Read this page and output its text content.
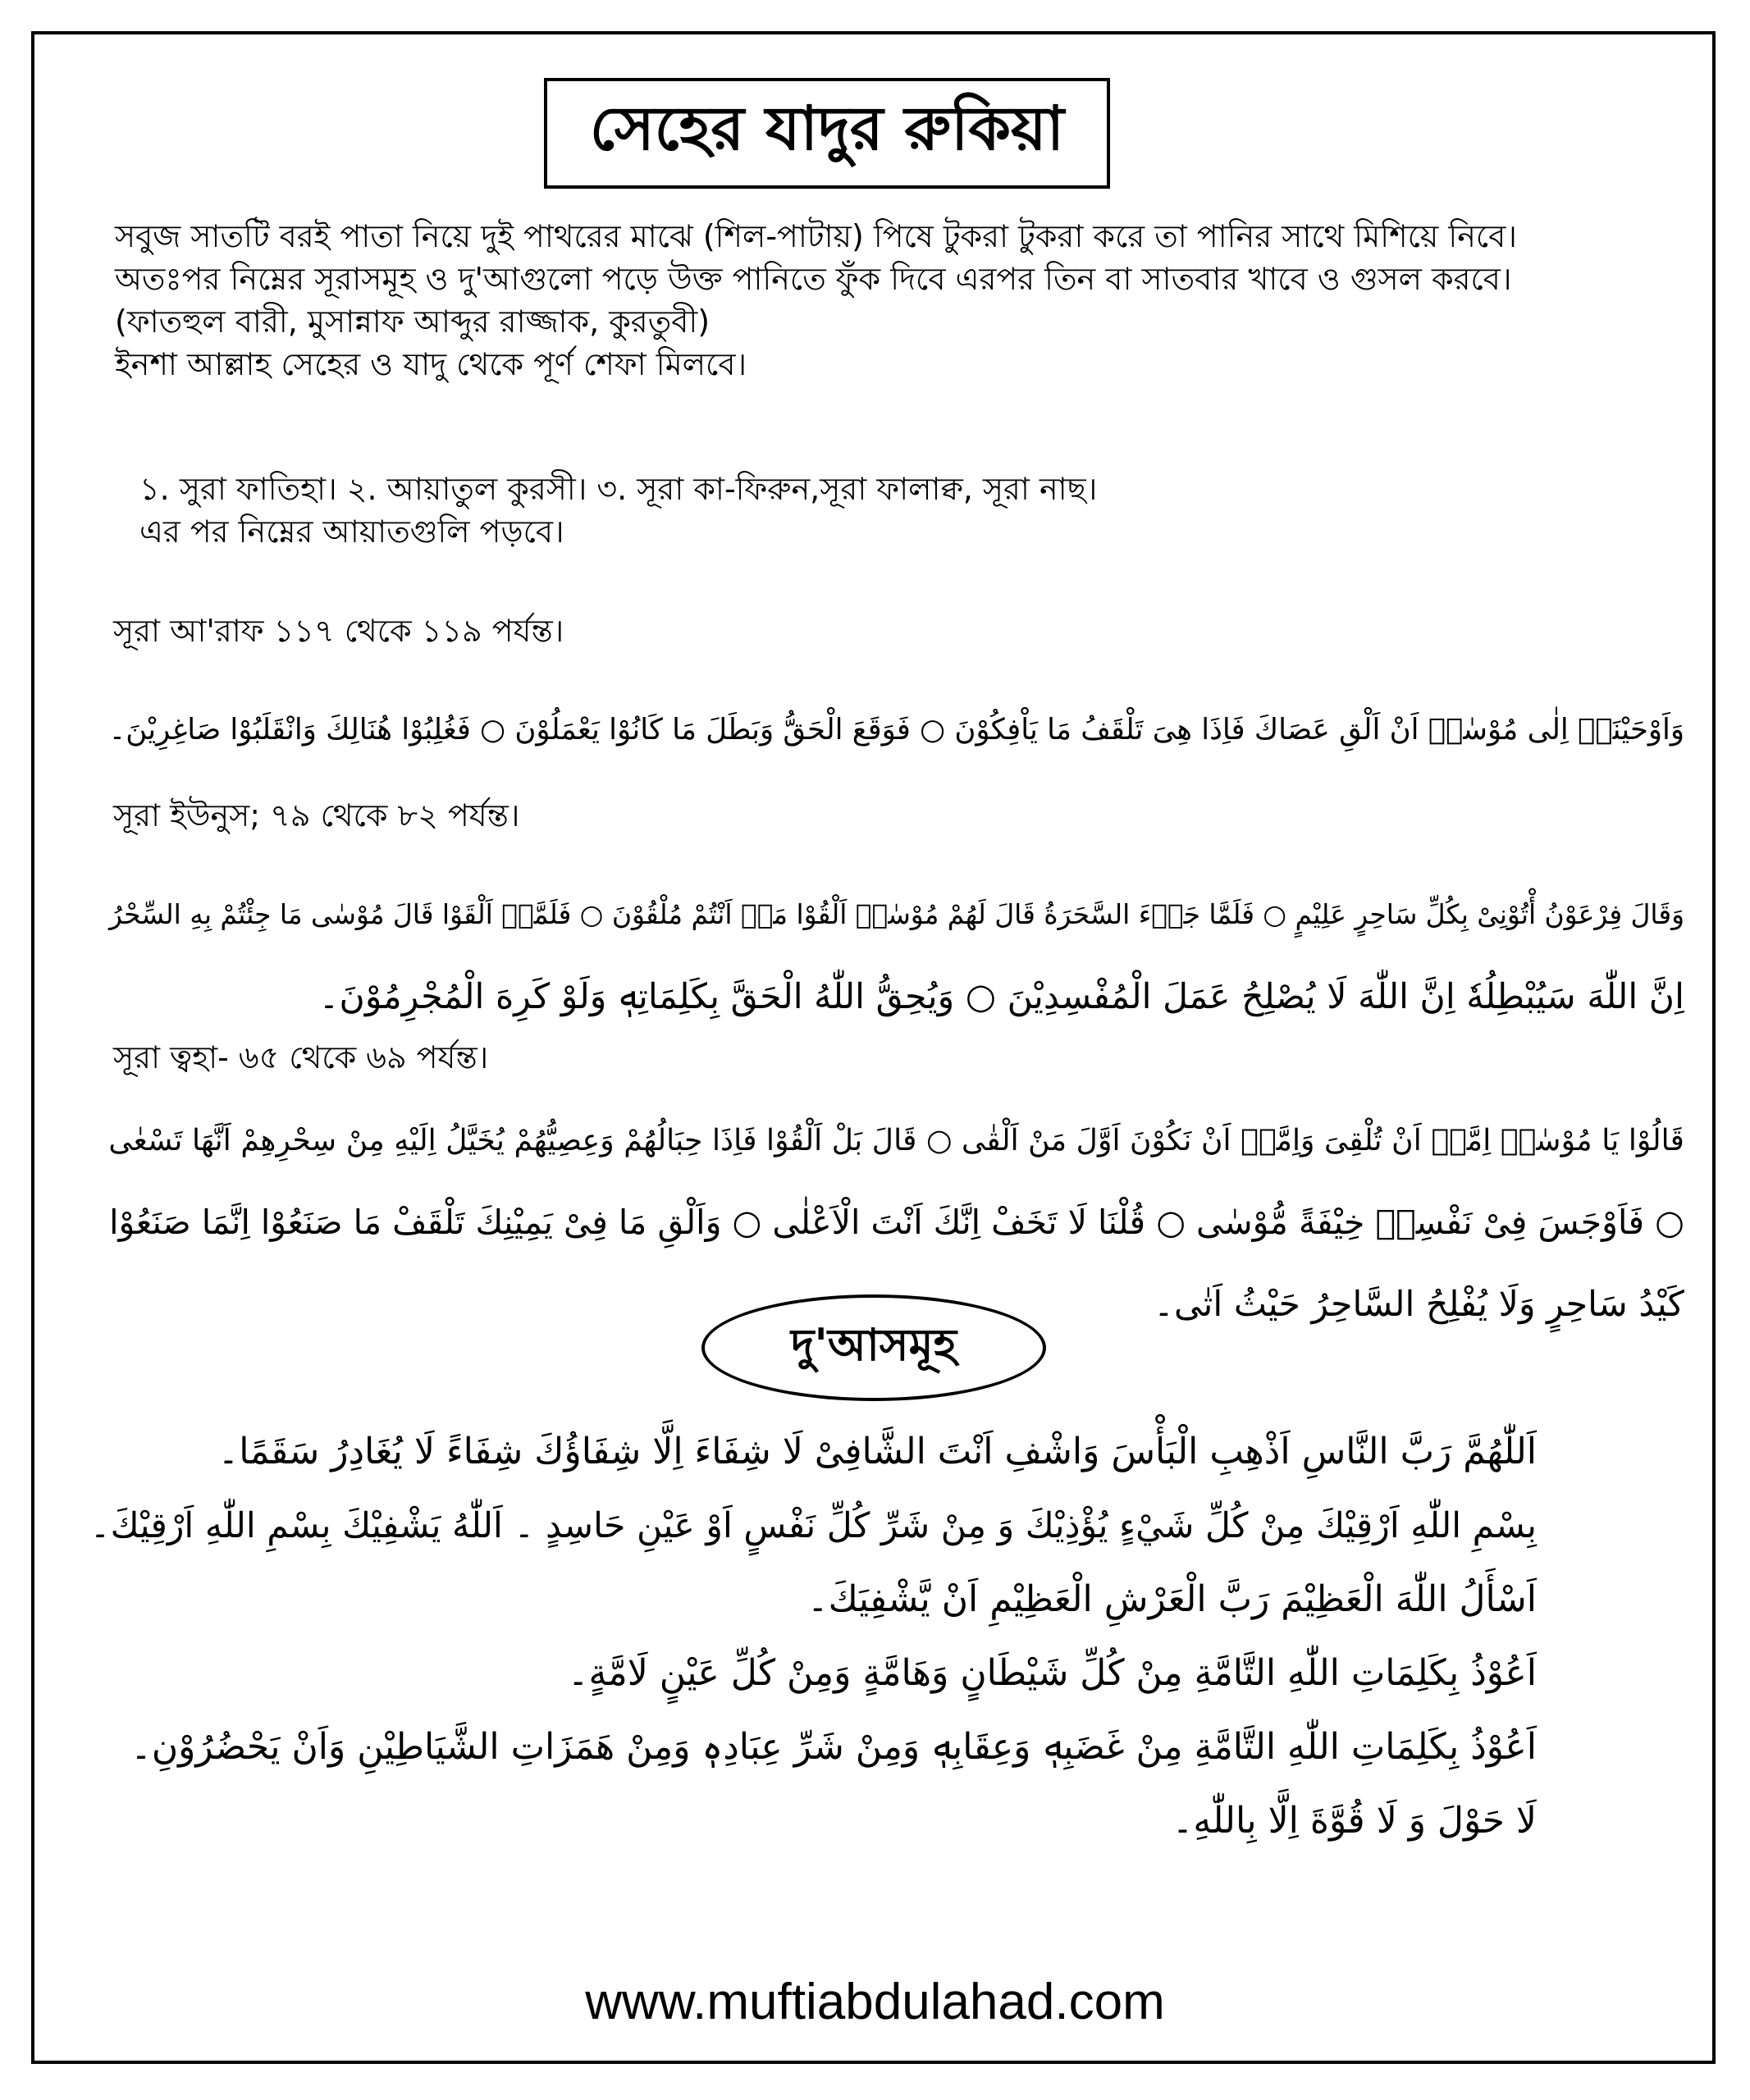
সেহের যাদুর রুকিয়া
সবুজ সাতটি বরই পাতা নিয়ে দুই পাথরের মাঝে (শিল-পাটায়) পিষে টুকরা টুকরা করে তা পানির সাথে মিশিয়ে নিবে।
অতঃপর নিম্নের সূরাসমূহ ও দু'আগুলো পড়ে উক্ত পানিতে ফুঁক দিবে এরপর তিন বা সাতবার খাবে ও গুসল করবে।
(ফাতহুল বারী, মুসান্নাফ আব্দুর রাজ্জাক, কুরতুবী)
ইনশা আল্লাহ সেহের ও যাদু থেকে পূর্ণ শেফা মিলবে।
১. সুরা ফাতিহা। ২. আয়াতুল কুরসী। ৩. সূরা কা-ফিরুন,সূরা ফালাক্ব, সূরা নাছ।
এর পর নিম্নের আয়াতগুলি পড়বে।
সূরা আ'রাফ ১১৭ থেকে ১১৯ পর্যন্ত।
وَاَوْحَيْنَاۤ اِلٰى مُوْسٰىۤ اَنْ اَلْقِ عَصَاكَ فَاِذَا هِىَ تَلْقَفُ مَا يَاْفِكُوْنَ ○ فَوَقَعَ الْحَقُّ وَبَطَلَ مَا كَانُوْا يَعْمَلُوْنَ ○ فَغُلِبُوْا هُنَالِكَ وَانْقَلَبُوْا صَاغِرِيْنَ۔
সূরা ইউনুস; ৭৯ থেকে ৮২ পর্যন্ত।
وَقَالَ فِرْعَوْنُ أْتُوْنِىْ بِكُلِّ سَاحِرٍ عَلِيْمٍ ○ فَلَمَّا جَاۤءَ السَّحَرَةُ قَالَ لَهُمْ مُوْسٰىۤ اَلْقُوْا مَاۤ اَنْتُمْ مُلْقُوْنَ ○ فَلَمَّاۤ اَلْقَوْا قَالَ مُوْسٰى مَا جِئْتُمْ بِهِ السِّحْرُ
اِنَّ اللّٰهَ سَيُبْطِلُهٗ اِنَّ اللّٰهَ لَا يُصْلِحُ عَمَلَ الْمُفْسِدِيْنَ ○ وَيُحِقُّ اللّٰهُ الْحَقَّ بِكَلِمَاتِهٖ وَلَوْ كَرِهَ الْمُجْرِمُوْنَ۔
সূরা ত্বহা- ৬৫ থেকে ৬৯ পর্যন্ত।
قَالُوْا يَا مُوْسٰىۤ اِمَّاۤ اَنْ تُلْقِىَ وَاِمَّاۤ اَنْ نَكُوْنَ اَوَّلَ مَنْ اَلْقٰى ○ قَالَ بَلْ اَلْقُوْا فَاِذَا حِبَالُهُمْ وَعِصِيُّهُمْ يُخَيَّلُ اِلَيْهِ مِنْ سِحْرِهِمْ اَنَّهَا تَسْعٰى
○ فَاَوْجَسَ فِىْ نَفْسِهٖ خِيْفَةً مُّوْسٰى ○ قُلْنَا لَا تَخَفْ اِنَّكَ اَنْتَ الْاَعْلٰى ○ وَاَلْقِ مَا فِىْ يَمِيْنِكَ تَلْقَفْ مَا صَنَعُوْا اِنَّمَا صَنَعُوْا
كَيْدُ سَاحِرٍ وَلَا يُفْلِحُ السَّاحِرُ حَيْثُ اَتٰى۔
দু'আসমূহ
اَللّٰهُمَّ رَبَّ النَّاسِ اَذْهِبِ الْبَأْسَ وَاشْفِ اَنْتَ الشَّافِىْ لَا شِفَاءَ اِلَّا شِفَاؤُكَ شِفَاءً لَا يُغَادِرُ سَقَمًا۔
بِسْمِ اللّٰهِ اَرْقِيْكَ مِنْ كُلِّ شَيْءٍ يُؤْذِيْكَ وَ مِنْ شَرِّ كُلِّ نَفْسٍ اَوْ عَيْنِ حَاسِدٍ ۔ اَللّٰهُ يَشْفِيْكَ بِسْمِ اللّٰهِ اَرْقِيْكَ۔
اَسْأَلُ اللّٰهَ الْعَظِيْمَ رَبَّ الْعَرْشِ الْعَظِيْمِ اَنْ يَّشْفِيَكَ۔
اَعُوْذُ بِكَلِمَاتِ اللّٰهِ التَّامَّةِ مِنْ كُلِّ شَيْطَانٍ وَهَامَّةٍ وَمِنْ كُلِّ عَيْنٍ لَامَّةٍ۔
اَعُوْذُ بِكَلِمَاتِ اللّٰهِ التَّامَّةِ مِنْ غَضَبِهٖ وَعِقَابِهٖ وَمِنْ شَرِّ عِبَادِهٖ وَمِنْ هَمَزَاتِ الشَّيَاطِيْنِ وَاَنْ يَحْضُرُوْنِ۔
لَا حَوْلَ وَ لَا قُوَّةَ اِلَّا بِاللّٰهِ۔
www.muftiabdulahad.com
